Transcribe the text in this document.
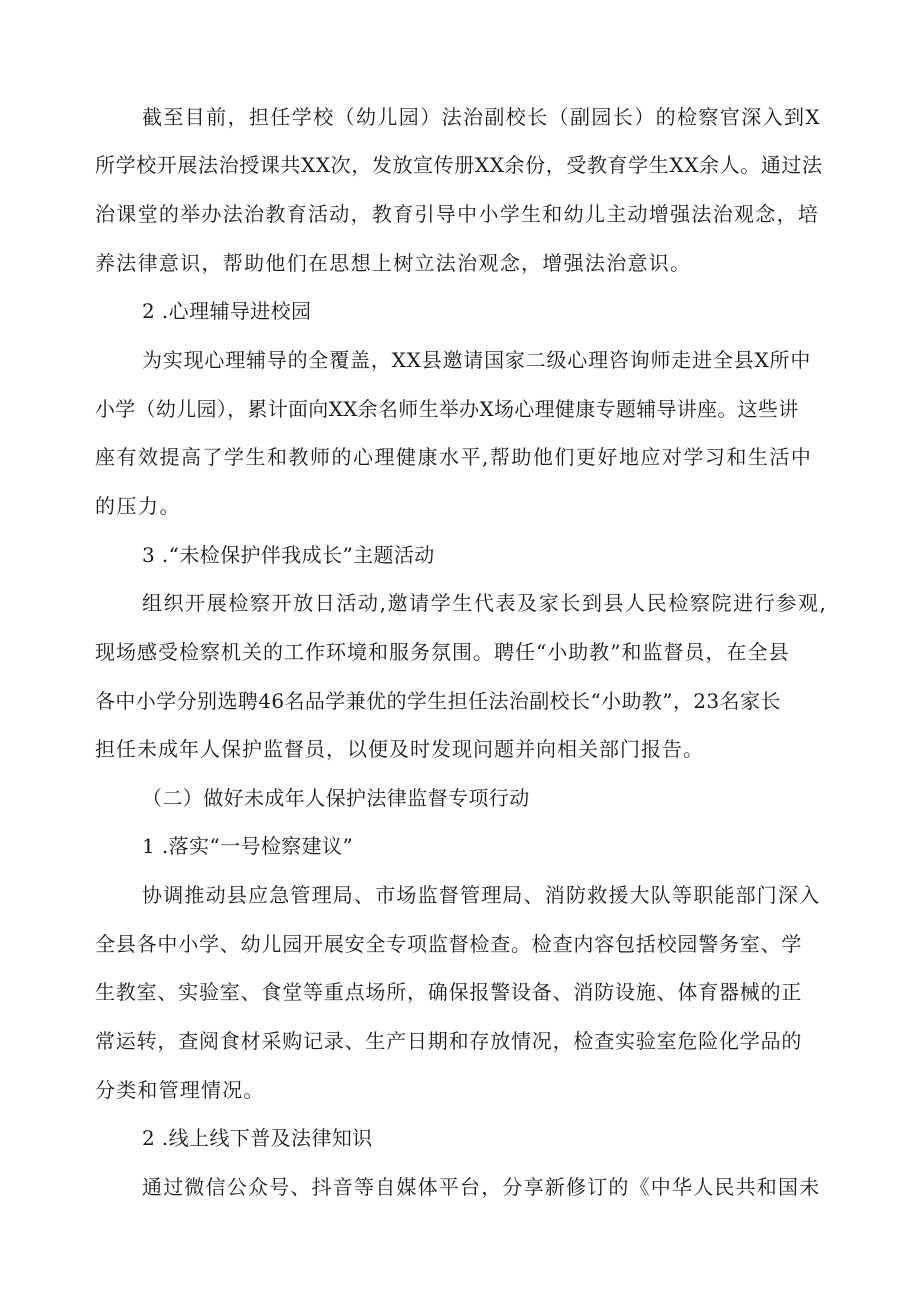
截至目前，担任学校（幼儿园）法治副校长（副园长）的检察官深入到X
所学校开展法治授课共XX次，发放宣传册XX余份，受教育学生XX余人。通过法
治课堂的举办法治教育活动，教育引导中小学生和幼儿主动增强法治观念，培
养法律意识，帮助他们在思想上树立法治观念，增强法治意识。
2 .心理辅导进校园
为实现心理辅导的全覆盖，XX县邀请国家二级心理咨询师走进全县X所中
小学（幼儿园），累计面向XX余名师生举办X场心理健康专题辅导讲座。这些讲
座有效提高了学生和教师的心理健康水平,帮助他们更好地应对学习和生活中
的压力。
3 .“未检保护伴我成长”主题活动
组织开展检察开放日活动,邀请学生代表及家长到县人民检察院进行参观,
现场感受检察机关的工作环境和服务氛围。聘任“小助教”和监督员，在全县
各中小学分别选聘46名品学兼优的学生担任法治副校长“小助教”，23名家长
担任未成年人保护监督员，以便及时发现问题并向相关部门报告。
（二）做好未成年人保护法律监督专项行动
1 .落实“一号检察建议”
协调推动县应急管理局、市场监督管理局、消防救援大队等职能部门深入
全县各中小学、幼儿园开展安全专项监督检查。检查内容包括校园警务室、学
生教室、实验室、食堂等重点场所，确保报警设备、消防设施、体育器械的正
常运转，查阅食材采购记录、生产日期和存放情况，检查实验室危险化学品的
分类和管理情况。
2 .线上线下普及法律知识
通过微信公众号、抖音等自媒体平台，分享新修订的《中华人民共和国未
